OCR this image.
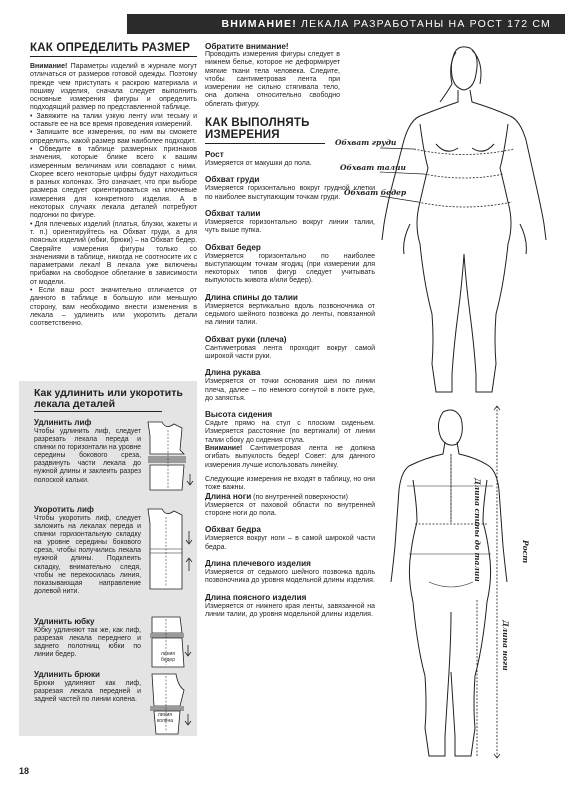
ВНИМАНИЕ! ЛЕКАЛА РАЗРАБОТАНЫ НА РОСТ 172 СМ
КАК ОПРЕДЕЛИТЬ РАЗМЕР

Внимание! Параметры изделий в журнале могут отличаться от размеров готовой одежды. Поэтому прежде чем приступать к раскрою материала и пошиву изделия, сначала следует выполнить основные измерения фигуры и определить подходящий размер по представленной таблице.

• Завяжите на талии узкую ленту или тесьму и оставьте ее на все время проведения измерений.

• Запишите все измерения, по ним вы сможете определить, какой размер вам наиболее подходит.

• Обведите в таблице размерных признаков значения, которые ближе всего к вашим измеренным величинам или совпадают с ними. Скорее всего некоторые цифры будут находиться в разных колонках. Это означает, что при выборе размера следует ориентироваться на ключевые измерения для конкретного изделия. А в некоторых случаях лекала деталей потребуют подгонки по фигуре.

• Для плечевых изделий (платья, блузки, жакеты и т. п.) ориентируйтесь на Обхват груди, а для поясных изделий (юбки, брюки) – на Обхват бедер. Сверяйте измерения фигуры только со значениями в таблице, никогда не соотносите их с параметрами лекал! В лекала уже включены прибавки на свободное облегание в зависимости от модели.

• Если ваш рост значительно отличается от данного в таблице в большую или меньшую сторону, вам необходимо внести изменения в лекала – удлинить или укоротить детали соответственно.

Как удлинить или укоротить лекала деталей
Удлинить лиф
Чтобы удлинить лиф, следует разрезать лекала переда и спинки по горизонтали на уровне середины бокового среза, раздвинуть части лекала до нужной длины и заклеить разрез полоской кальки.
Укоротить лиф
Чтобы укоротить лиф, следует заложить на лекалах переда и спинки горизонтальную складку на уровне середины бокового среза, чтобы получились лекала нужной длины. Подклеить складку, внимательно следя, чтобы не перекосилась линия, показывающая направление долевой нити.
Удлинить юбку
Юбку удлиняют так же, как лиф, разрезая лекала переднего и заднего полотнищ юбки по линии бедер.
Удлинить брюки
Брюки удлиняют как лиф, разрезая лекала передней и задней частей по линии колена.
линия бедер
линия колена
Обратите внимание!

Проводить измерения фигуры следует в нижнем белье, которое не деформирует мягкие ткани тела человека. Следите, чтобы сантиметровая лента при измерении не сильно стягивала тело, она должна относительно свободно облегать фигуру.

КАК ВЫПОЛНЯТЬ ИЗМЕРЕНИЯ
Рост

Измеряется от макушки до пола.

Обхват груди

Измеряется горизонтально вокруг грудной клетки по наиболее выступающим точкам груди.

Обхват талии

Измеряется горизонтально вокруг линии талии, чуть выше пупка.

Обхват бедер

Измеряется горизонтально по наиболее выступающим точкам ягодиц (при измерении для некоторых типов фигур следует учитывать выпуклость живота и/или бедер).

Длина спины до талии

Измеряется вертикально вдоль позвоночника от седьмого шейного позвонка до ленты, повязанной на линии талии.

Обхват руки (плеча)

Сантиметровая лента проходит вокруг самой широкой части руки.

Длина рукава

Измеряется от точки основания шеи по линии плеча, далее – по немного согнутой в локте руке, до запястья.

Высота сидения

Сядьте прямо на стул с плоским сиденьем. Измеряется расстояние (по вертикали) от линии талии сбоку до сидения стула.

Внимание! Сантиметровая лента не должна огибать выпуклость бедер! Совет: для данного измерения лучше использовать линейку.

Следующие измерения не входят в таблицу, но они тоже важны.

Длина ноги (по внутренней поверхности)

Измеряется от паховой области по внутренней стороне ноги до пола.

Обхват бедра

Измеряется вокруг ноги – в самой широкой части бедра.

Длина плечевого изделия

Измеряется от седьмого шейного позвонка вдоль позвоночника до уровня модельной длины изделия.

Длина поясного изделия

Измеряется от нижнего края ленты, завязанной на линии талии, до уровня модельной длины изделия.

Обхват груди
Обхват талии
Обхват бедер
Длина спины до талии	Рост
Длина ноги
18
